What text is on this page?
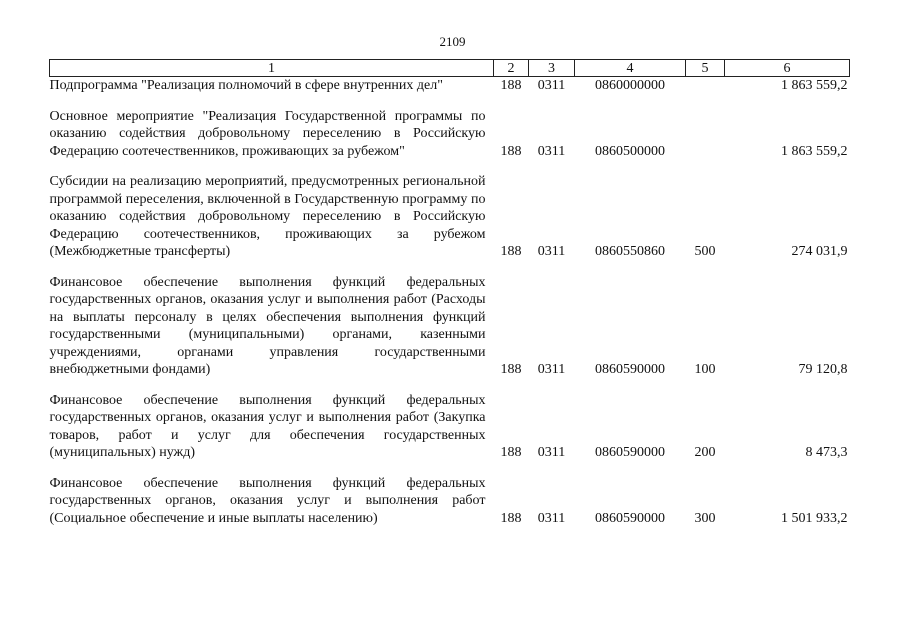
2109
1	2	3	4	5	6
Подпрограмма "Реализация полномочий в сфере внутренних дел"	188	0311	0860000000		1 863 559,2
Основное мероприятие "Реализация Государственной программы по оказанию содействия добровольному переселению в Российскую Федерацию соотечественников, проживающих за рубежом"	188	0311	0860500000		1 863 559,2
Субсидии на реализацию мероприятий, предусмотренных региональной программой переселения, включенной в Государственную программу по оказанию содействия добровольному переселению в Российскую Федерацию соотечественников, проживающих за рубежом (Межбюджетные трансферты)	188	0311	0860550860	500	274 031,9
Финансовое обеспечение выполнения функций федеральных государственных органов, оказания услуг и выполнения работ (Расходы на выплаты персоналу в целях обеспечения выполнения функций государственными (муниципальными) органами, казенными учреждениями, органами управления государственными внебюджетными фондами)	188	0311	0860590000	100	79 120,8
Финансовое обеспечение выполнения функций федеральных государственных органов, оказания услуг и выполнения работ (Закупка товаров, работ и услуг для обеспечения государственных (муниципальных) нужд)	188	0311	0860590000	200	8 473,3
Финансовое обеспечение выполнения функций федеральных государственных органов, оказания услуг и выполнения работ (Социальное обеспечение и иные выплаты населению)	188	0311	0860590000	300	1 501 933,2
